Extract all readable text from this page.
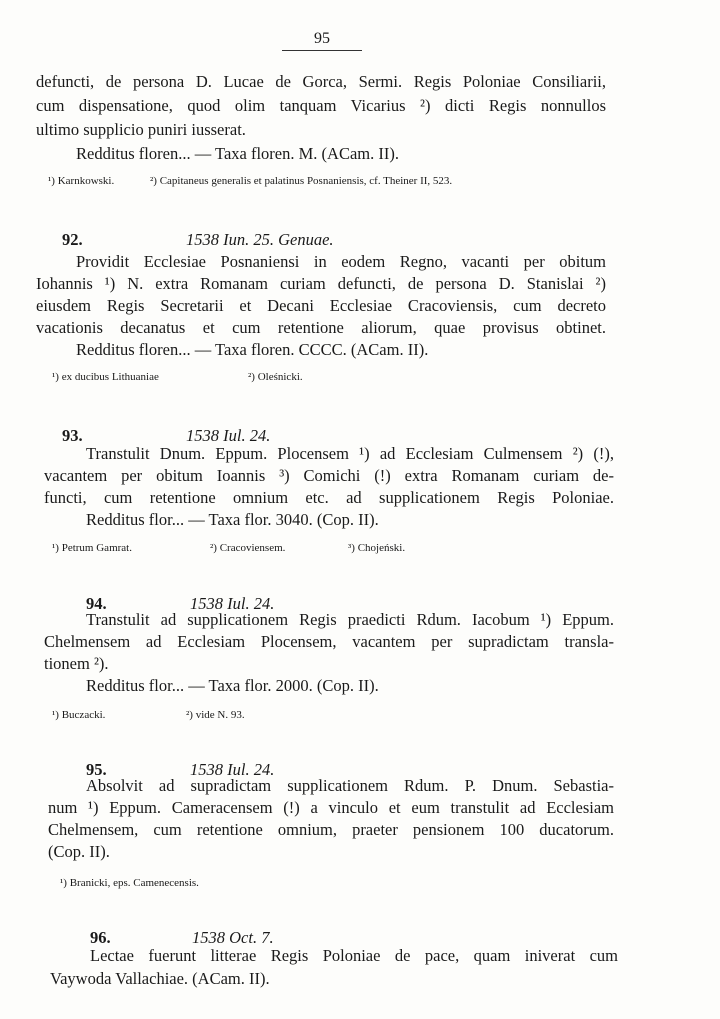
95
defuncti, de persona D. Lucae de Gorca, Sermi. Regis Poloniae Consiliarii,
cum dispensatione, quod olim tanquam Vicarius ²) dicti Regis nonnullos
ultimo supplicio puniri iusserat.
Redditus floren... — Taxa floren. M. (ACam. II).
¹) Karnkowski.	²) Capitaneus generalis et palatinus Posnaniensis, cf. Theiner II, 523.
92.	1538 Iun. 25. Genuae.
Providit Ecclesiae Posnaniensi in eodem Regno, vacanti per obitum
Iohannis ¹) N. extra Romanam curiam defuncti, de persona D. Stanislai ²)
eiusdem Regis Secretarii et Decani Ecclesiae Cracoviensis, cum decreto
vacationis decanatus et cum retentione aliorum, quae provisus obtinet.
Redditus floren... — Taxa floren. CCCC. (ACam. II).
¹) ex ducibus Lithuaniae	²) Oleśnicki.
93.	1538 Iul. 24.
Transtulit Dnum. Eppum. Plocensem ¹) ad Ecclesiam Culmensem ²) (!),
vacantem per obitum Ioannis ³) Comichi (!) extra Romanam curiam de-
functi, cum retentione omnium etc. ad supplicationem Regis Poloniae.
Redditus flor... — Taxa flor. 3040. (Cop. II).
¹) Petrum Gamrat.	²) Cracoviensem.	³) Chojeński.
94.	1538 Iul. 24.
Transtulit ad supplicationem Regis praedicti Rdum. Iacobum ¹) Eppum.
Chelmensem ad Ecclesiam Plocensem, vacantem per supradictam transla-
tionem ²).
Redditus flor... — Taxa flor. 2000. (Cop. II).
¹) Buczacki.	²) vide N. 93.
95.	1538 Iul. 24.
Absolvit ad supradictam supplicationem Rdum. P. Dnum. Sebastia-
num ¹) Eppum. Cameracensem (!) a vinculo et eum transtulit ad Ecclesiam
Chelmensem, cum retentione omnium, praeter pensionem 100 ducatorum.
(Cop. II).
¹) Branicki, eps. Camenecensis.
96.	1538 Oct. 7.
Lectae fuerunt litterae Regis Poloniae de pace, quam iniverat cum
Vaywoda Vallachiae. (ACam. II).
